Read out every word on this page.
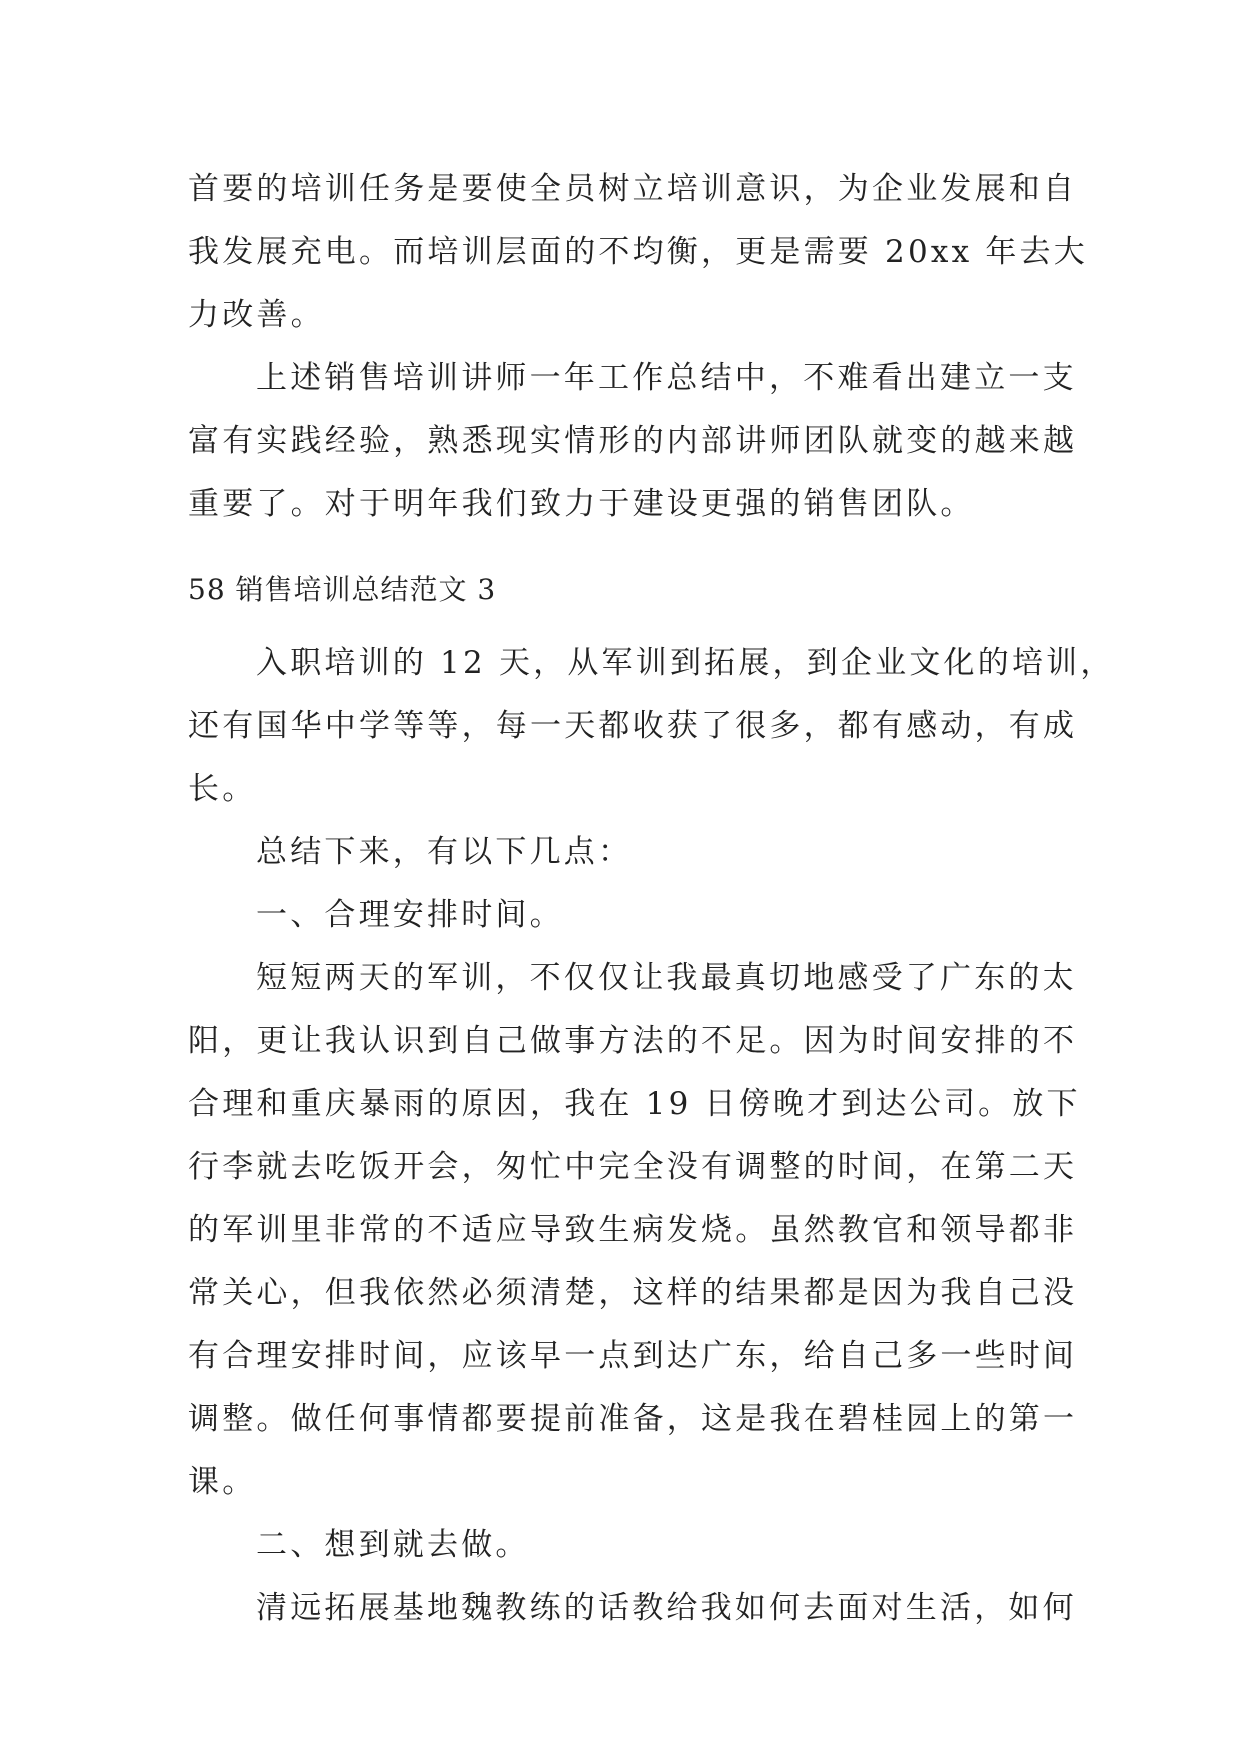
首要的培训任务是要使全员树立培训意识，为企业发展和自
我发展充电。而培训层面的不均衡，更是需要 20xx 年去大
力改善。
上述销售培训讲师一年工作总结中，不难看出建立一支
富有实践经验，熟悉现实情形的内部讲师团队就变的越来越
重要了。对于明年我们致力于建设更强的销售团队。
58 销售培训总结范文 3
入职培训的 12 天，从军训到拓展，到企业文化的培训，
还有国华中学等等，每一天都收获了很多，都有感动，有成
长。
总结下来，有以下几点：
一、合理安排时间。
短短两天的军训，不仅仅让我最真切地感受了广东的太
阳，更让我认识到自己做事方法的不足。因为时间安排的不
合理和重庆暴雨的原因，我在 19 日傍晚才到达公司。放下
行李就去吃饭开会，匆忙中完全没有调整的时间，在第二天
的军训里非常的不适应导致生病发烧。虽然教官和领导都非
常关心，但我依然必须清楚，这样的结果都是因为我自己没
有合理安排时间，应该早一点到达广东，给自己多一些时间
调整。做任何事情都要提前准备，这是我在碧桂园上的第一
课。
二、想到就去做。
清远拓展基地魏教练的话教给我如何去面对生活，如何
